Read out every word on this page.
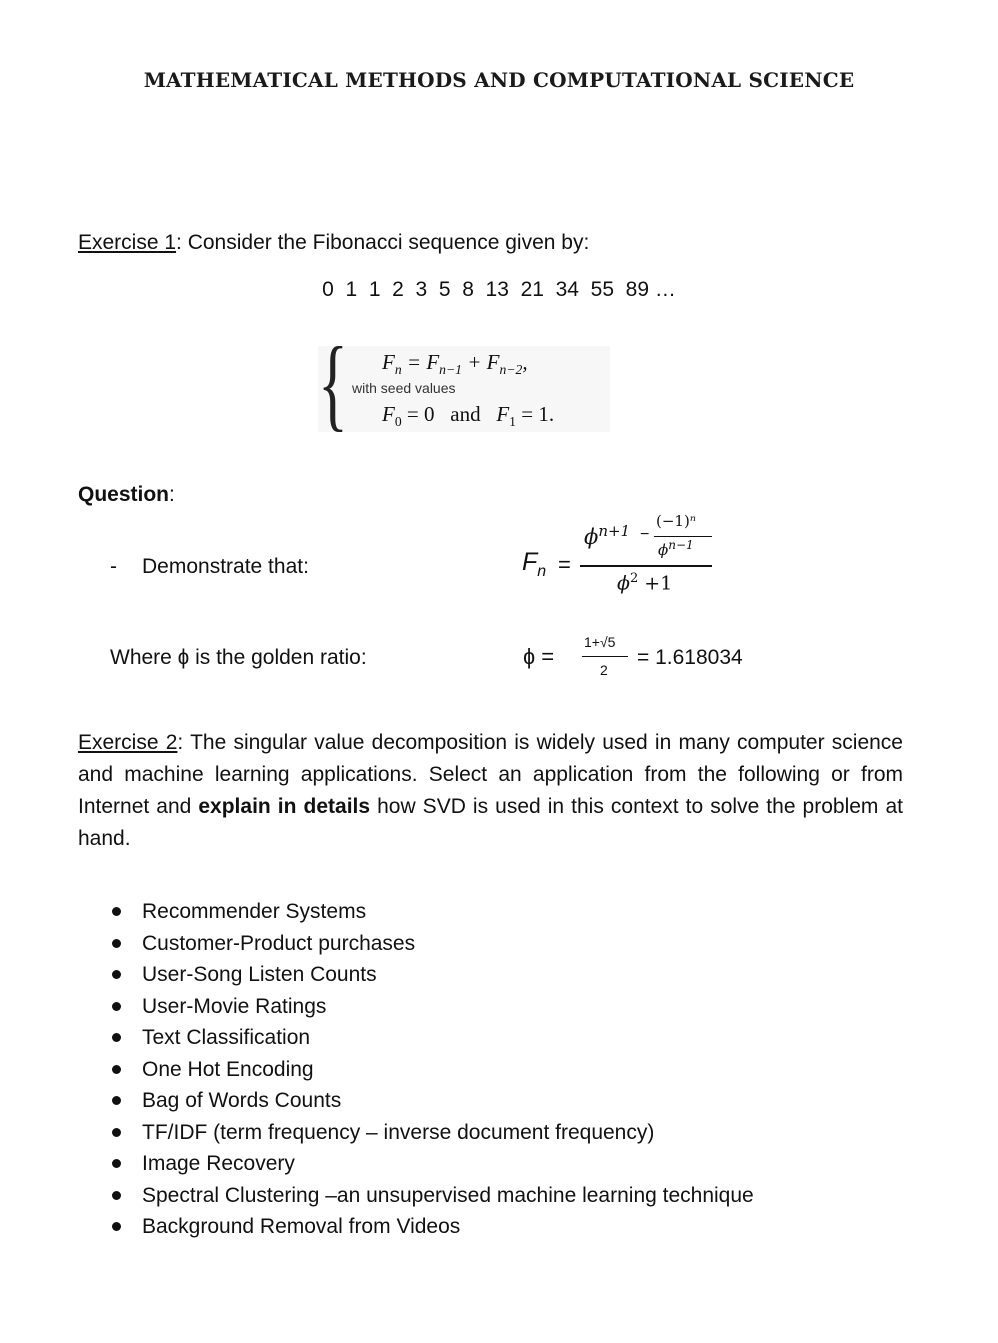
MATHEMATICAL METHODS AND COMPUTATIONAL SCIENCE
Exercise 1: Consider the Fibonacci sequence given by:
0  1  1  2  3  5  8  13  21  34  55  89 …
{ $F_n = F_{n-1} + F_{n-2}$,
with seed values
$F_0 = 0$   and   $F_1 = 1$.
Question:
- Demonstrate that:	$F_n$ =
$\phi^{n+1}$ −
(−1)ⁿ
$\phi^{n-1}$
$\phi^2 +1$
Where ɸ is the golden ratio:	ɸ =
1+√5
2
= 1.618034
Exercise 2: The singular value decomposition is widely used in many computer science and machine learning applications. Select an application from the following or from Internet and explain in details how SVD is used in this context to solve the problem at hand.
Recommender Systems
Customer-Product purchases
User-Song Listen Counts
User-Movie Ratings
Text Classification
One Hot Encoding
Bag of Words Counts
TF/IDF (term frequency – inverse document frequency)
Image Recovery
Spectral Clustering –an unsupervised machine learning technique
Background Removal from Videos
